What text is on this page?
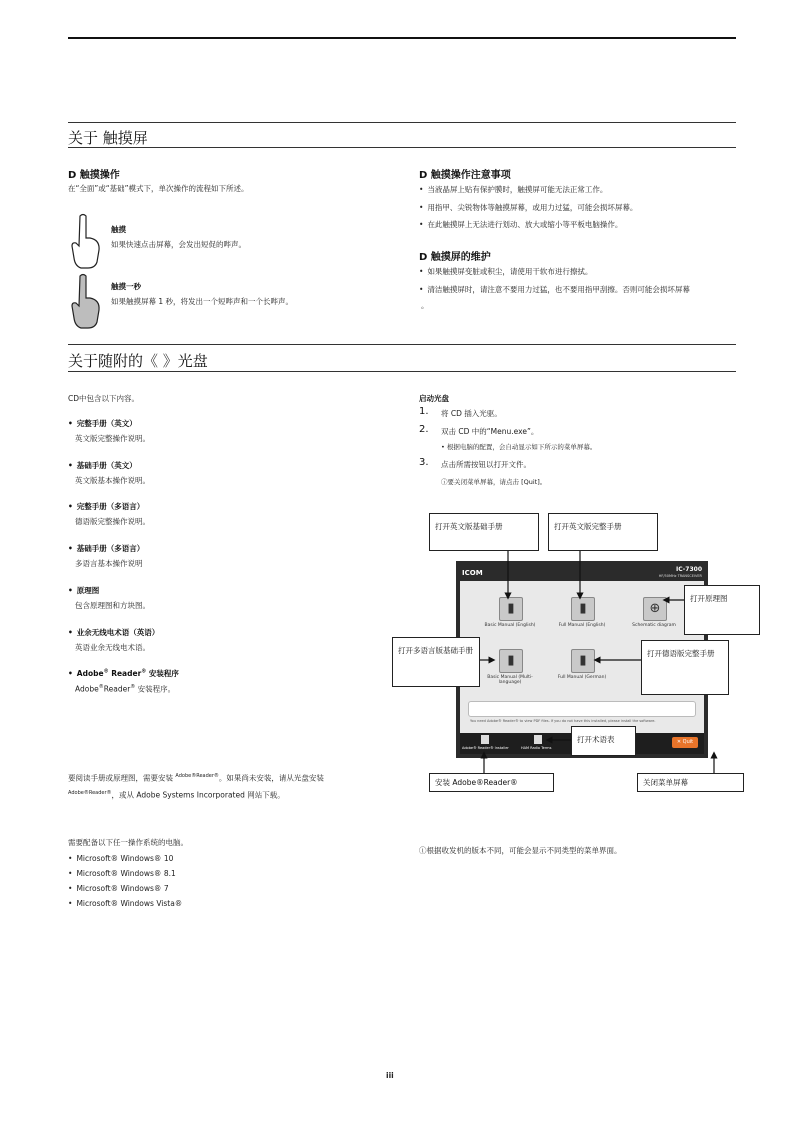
关于 触摸屏
D 触摸操作
在“全面”或“基础”模式下，单次操作的流程如下所述。
触摸
如果快速点击屏幕，会发出短促的哔声。
触摸一秒
如果触摸屏幕 1 秒，将发出一个短哔声和一个长哔声。
D 触摸操作注意事项
• 当液晶屏上贴有保护膜时，触摸屏可能无法正常工作。
• 用指甲、尖锐物体等触摸屏幕，或用力过猛，可能会损坏屏幕。
• 在此触摸屏上无法进行划动、放大或缩小等平板电脑操作。
D 触摸屏的维护
• 如果触摸屏变脏或积尘，请使用干软布进行擦拭。
• 清洁触摸屏时，请注意不要用力过猛，也不要用指甲刮擦。否则可能会损坏屏幕
。
关于随附的《 》光盘
CD中包含以下内容。
• 完整手册（英文）
英文版完整操作说明。
• 基础手册（英文）
英文版基本操作说明。
• 完整手册（多语言）
德语版完整操作说明。
• 基础手册（多语言）
多语言基本操作说明
• 原理图
包含原理图和方块图。
• 业余无线电术语（英语）
英语业余无线电术语。
• Adobe® Reader® 安装程序
Adobe®Reader® 安装程序。
要阅读手册或原理图，需要安装 $^{Adobe®Reader®}$。如果尚未安装，请从光盘安装
$^{Adobe®Reader®}$，或从 Adobe Systems Incorporated 网站下载。
需要配备以下任一操作系统的电脑。
• Microsoft® Windows® 10
• Microsoft® Windows® 8.1
• Microsoft® Windows® 7
• Microsoft® Windows Vista®
启动光盘
1. 将 CD 插入光驱。
2. 双击 CD 中的“Menu.exe”。
• 根据电脑的配置，会自动显示如下所示的菜单屏幕。
3. 点击所需按钮以打开文件。
ⓘ要关闭菜单屏幕，请点击 [Quit]。
ICOM	IC-7300
HF/50MHz TRANSCEIVER
▮
Basic Manual (English)
▮
Full Manual (English)
⊕
Schematic diagram
▮
Basic Manual (Multi-language)
▮
Full Manual (German)
You need Adobe® Reader® to view PDF files. If you do not have this installed, please install the software.
Adobe® Reader® Installer	HAM Radio Terms
✕ Quit
打开英文版基础手册	打开英文版完整手册
打开原理图
打开多语言版基础手册	打开德语版完整手册
打开术语表
安装 Adobe®Reader®	关闭菜单屏幕
ⓘ根据收发机的版本不同，可能会显示不同类型的菜单界面。
iii
